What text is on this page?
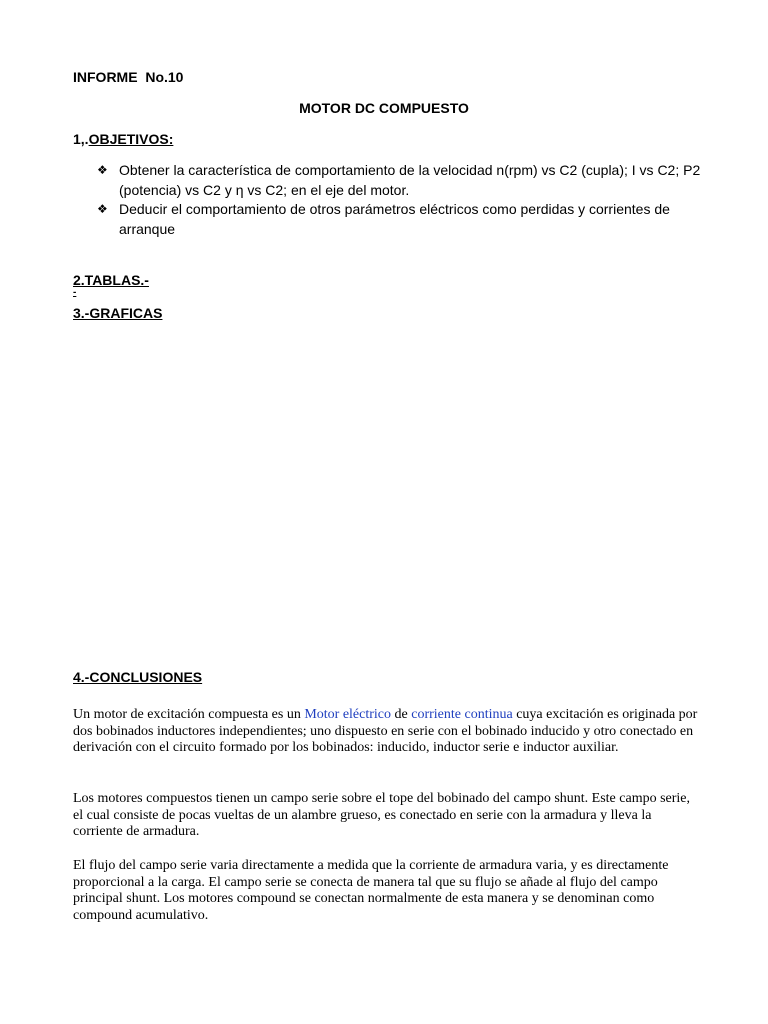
INFORME  No.10
MOTOR DC COMPUESTO
1,.OBJETIVOS:
❖ Obtener la característica de comportamiento de la velocidad n(rpm) vs C2 (cupla); I vs C2; P2 (potencia) vs C2 y η vs C2; en el eje del motor.
❖ Deducir el comportamiento de otros parámetros eléctricos como perdidas y corrientes de arranque
2.TABLAS.-
-
3.-GRAFICAS
4.-CONCLUSIONES

Un motor de excitación compuesta es un Motor eléctrico de corriente continua cuya excitación es originada por dos bobinados inductores independientes; uno dispuesto en serie con el bobinado inducido y otro conectado en derivación con el circuito formado por los bobinados: inducido, inductor serie e inductor auxiliar.

Los motores compuestos tienen un campo serie sobre el tope del bobinado del campo shunt. Este campo serie, el cual consiste de pocas vueltas de un alambre grueso, es conectado en serie con la armadura y lleva la corriente de armadura.

El flujo del campo serie varia directamente a medida que la corriente de armadura varia, y es directamente proporcional a la carga. El campo serie se conecta de manera tal que su flujo se añade al flujo del campo principal shunt. Los motores compound se conectan normalmente de esta manera y se denominan como compound acumulativo.
